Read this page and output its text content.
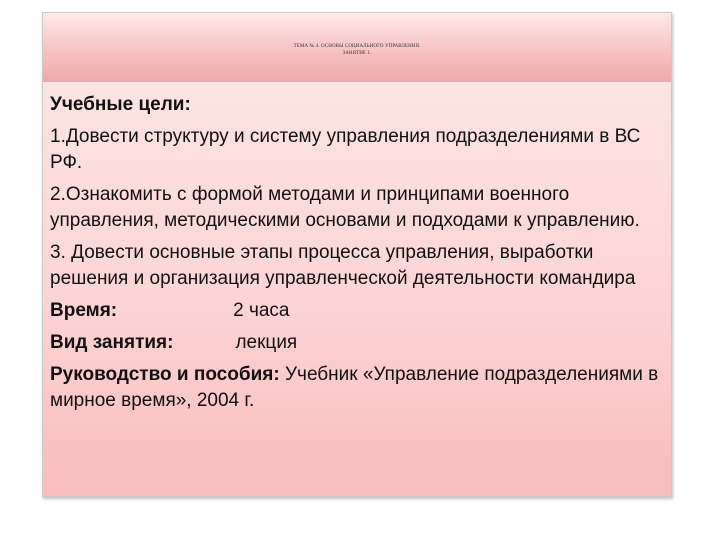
ТЕМА № 4. ОСНОВЫ СОЦИАЛЬНОГО УПРАВЛЕНИЯ.
ЗАНЯТИЕ 1.
Учебные цели:
1.Довести структуру и систему управления подразделениями в ВС РФ.
2.Ознакомить с формой методами и принципами военного управления, методическими основами и подходами к управлению.
3. Довести основные этапы процесса управления, выработки решения и организация управленческой деятельности командира
Время:	2 часа
Вид занятия:	лекция
Руководство и пособия: Учебник «Управление подразделениями в мирное время», 2004 г.
